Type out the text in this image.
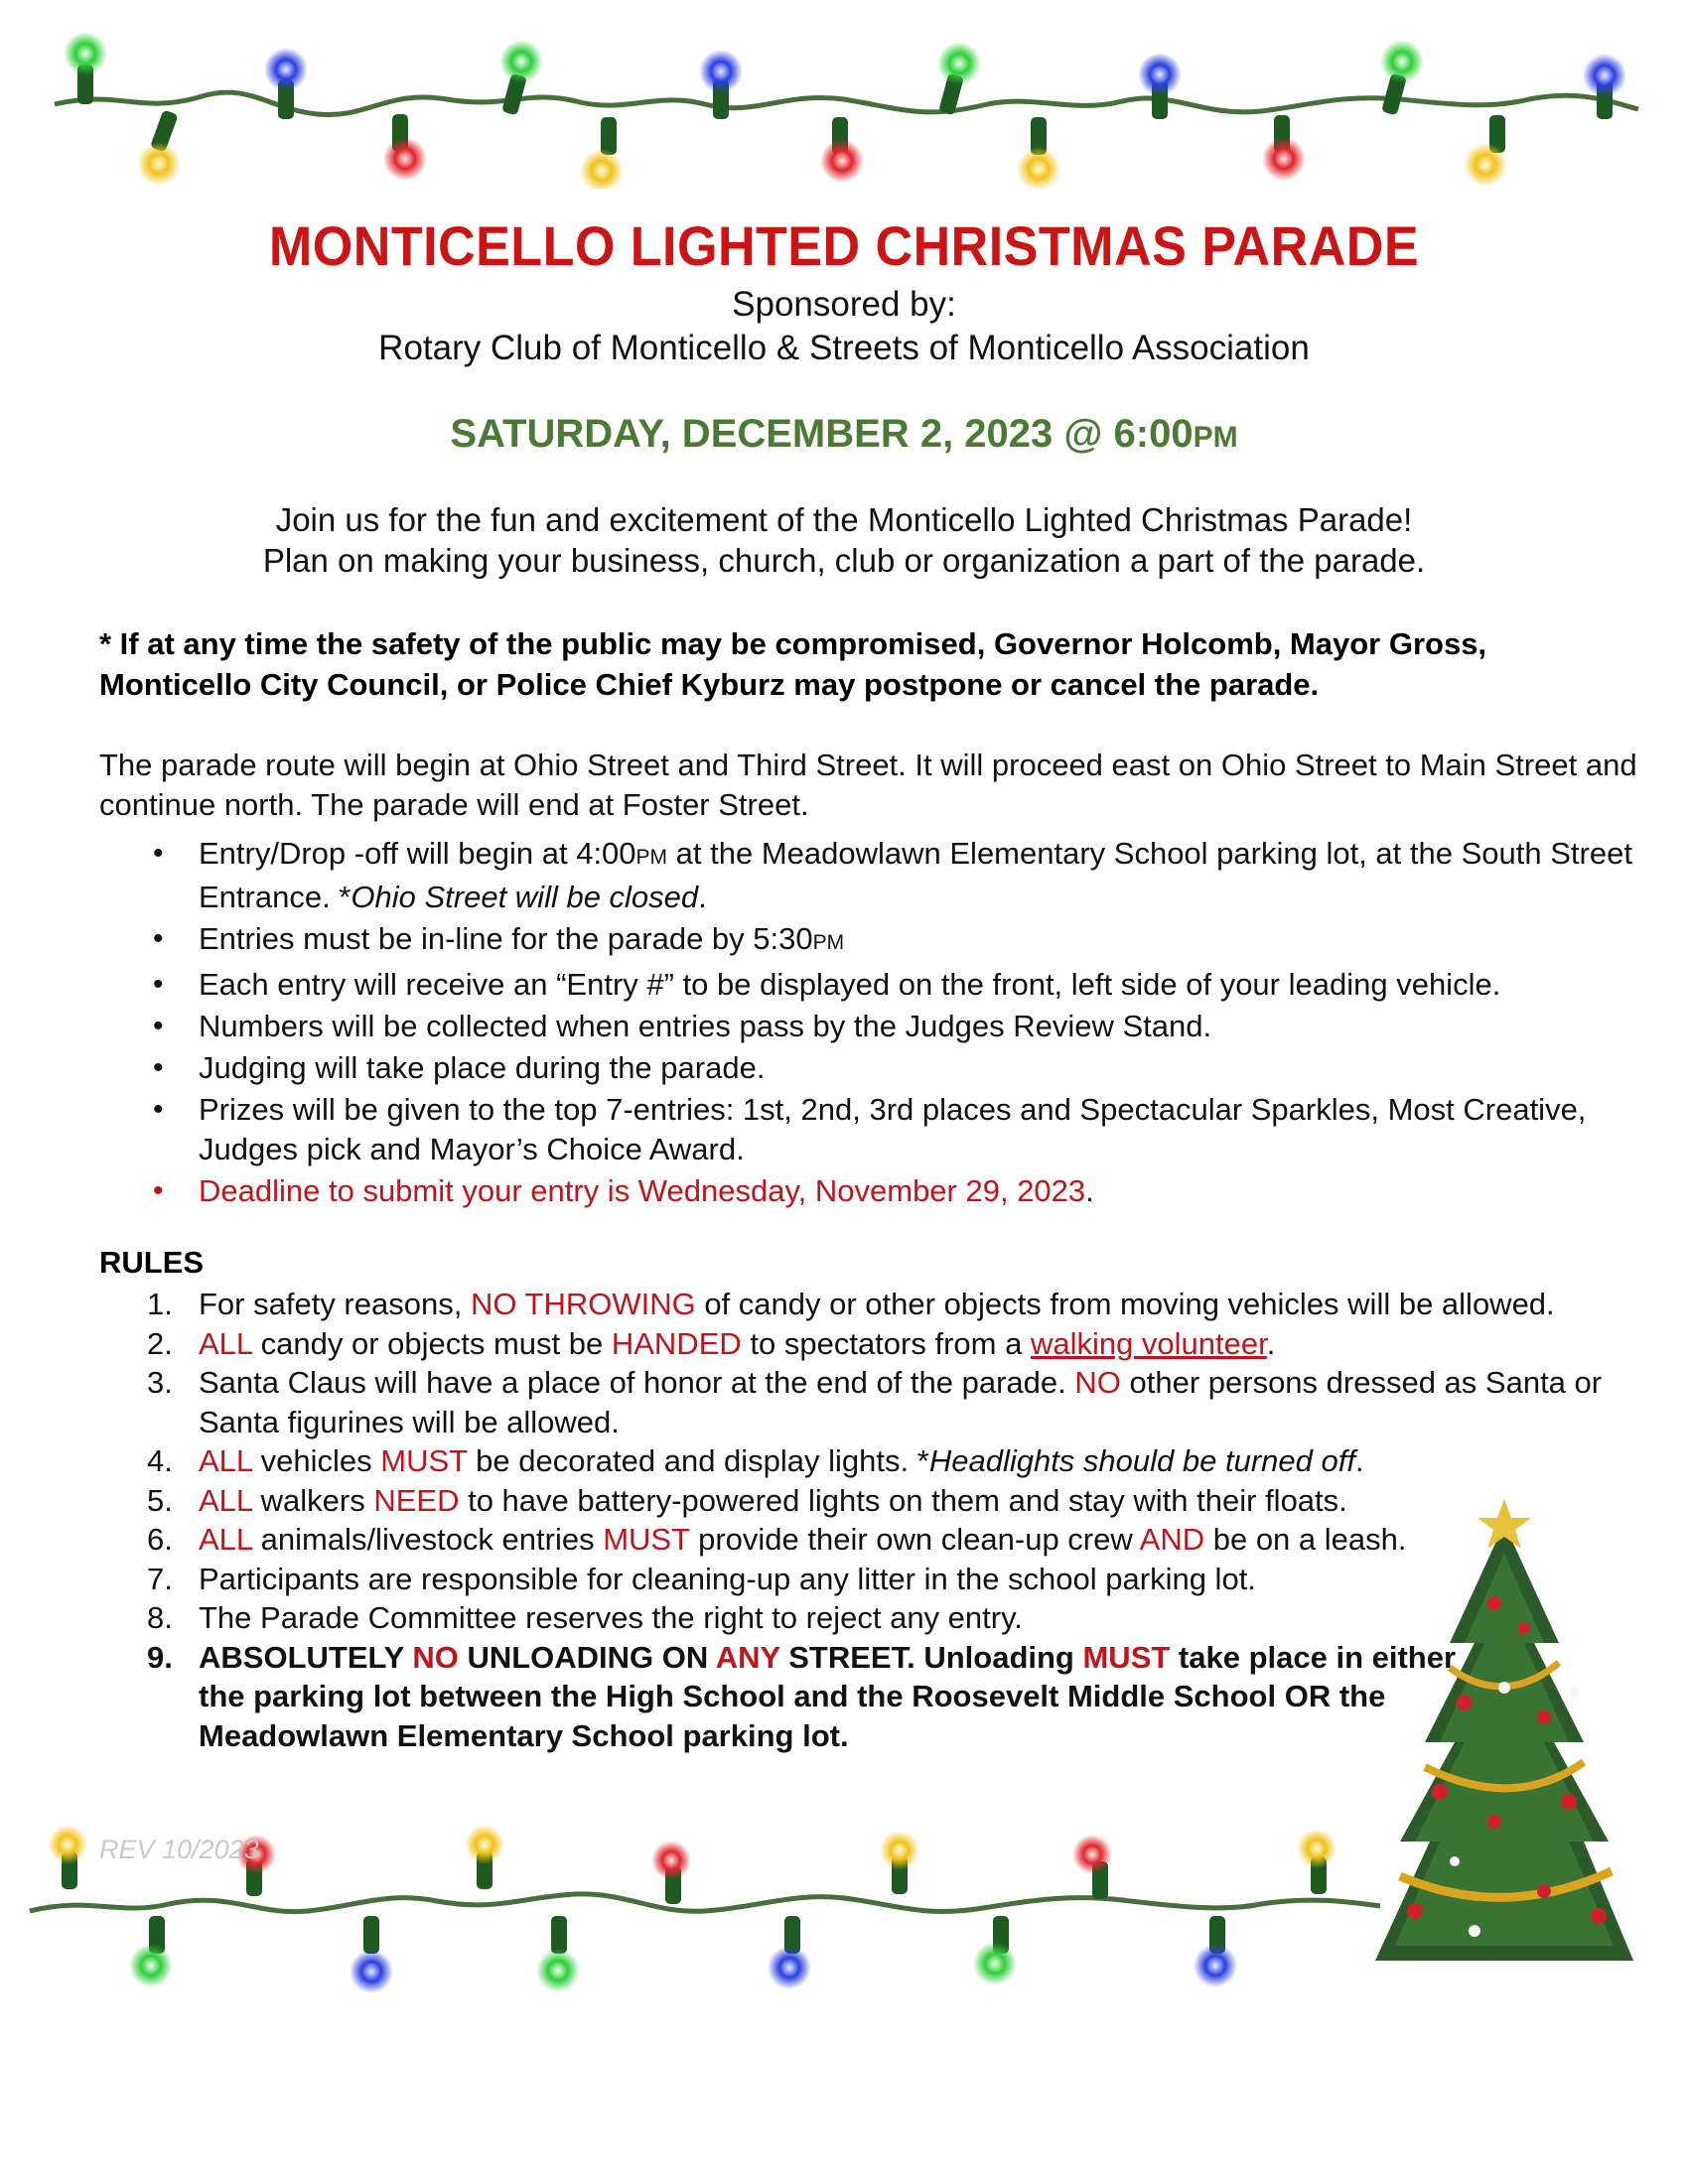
MONTICELLO LIGHTED CHRISTMAS PARADE
Sponsored by:
Rotary Club of Monticello & Streets of Monticello Association
SATURDAY, DECEMBER 2, 2023 @ 6:00PM
Join us for the fun and excitement of the Monticello Lighted Christmas Parade!
Plan on making your business, church, club or organization a part of the parade.
* If at any time the safety of the public may be compromised, Governor Holcomb, Mayor Gross, Monticello City Council, or Police Chief Kyburz may postpone or cancel the parade.
The parade route will begin at Ohio Street and Third Street. It will proceed east on Ohio Street to Main Street and continue north. The parade will end at Foster Street.
• Entry/Drop -off will begin at 4:00PM at the Meadowlawn Elementary School parking lot, at the South Street Entrance. *Ohio Street will be closed.
• Entries must be in-line for the parade by 5:30PM
• Each entry will receive an “Entry #” to be displayed on the front, left side of your leading vehicle.
• Numbers will be collected when entries pass by the Judges Review Stand.
• Judging will take place during the parade.
• Prizes will be given to the top 7-entries: 1st, 2nd, 3rd places and Spectacular Sparkles, Most Creative, Judges pick and Mayor’s Choice Award.
• Deadline to submit your entry is Wednesday, November 29, 2023.
RULES
1. For safety reasons, NO THROWING of candy or other objects from moving vehicles will be allowed.
2. ALL candy or objects must be HANDED to spectators from a walking volunteer.
3. Santa Claus will have a place of honor at the end of the parade. NO other persons dressed as Santa or Santa figurines will be allowed.
4. ALL vehicles MUST be decorated and display lights. *Headlights should be turned off.
5. ALL walkers NEED to have battery-powered lights on them and stay with their floats.
6. ALL animals/livestock entries MUST provide their own clean-up crew AND be on a leash.
7. Participants are responsible for cleaning-up any litter in the school parking lot.
8. The Parade Committee reserves the right to reject any entry.
9. ABSOLUTELY NO UNLOADING ON ANY STREET. Unloading MUST take place in either the parking lot between the High School and the Roosevelt Middle School OR the Meadowlawn Elementary School parking lot.
REV 10/2023
